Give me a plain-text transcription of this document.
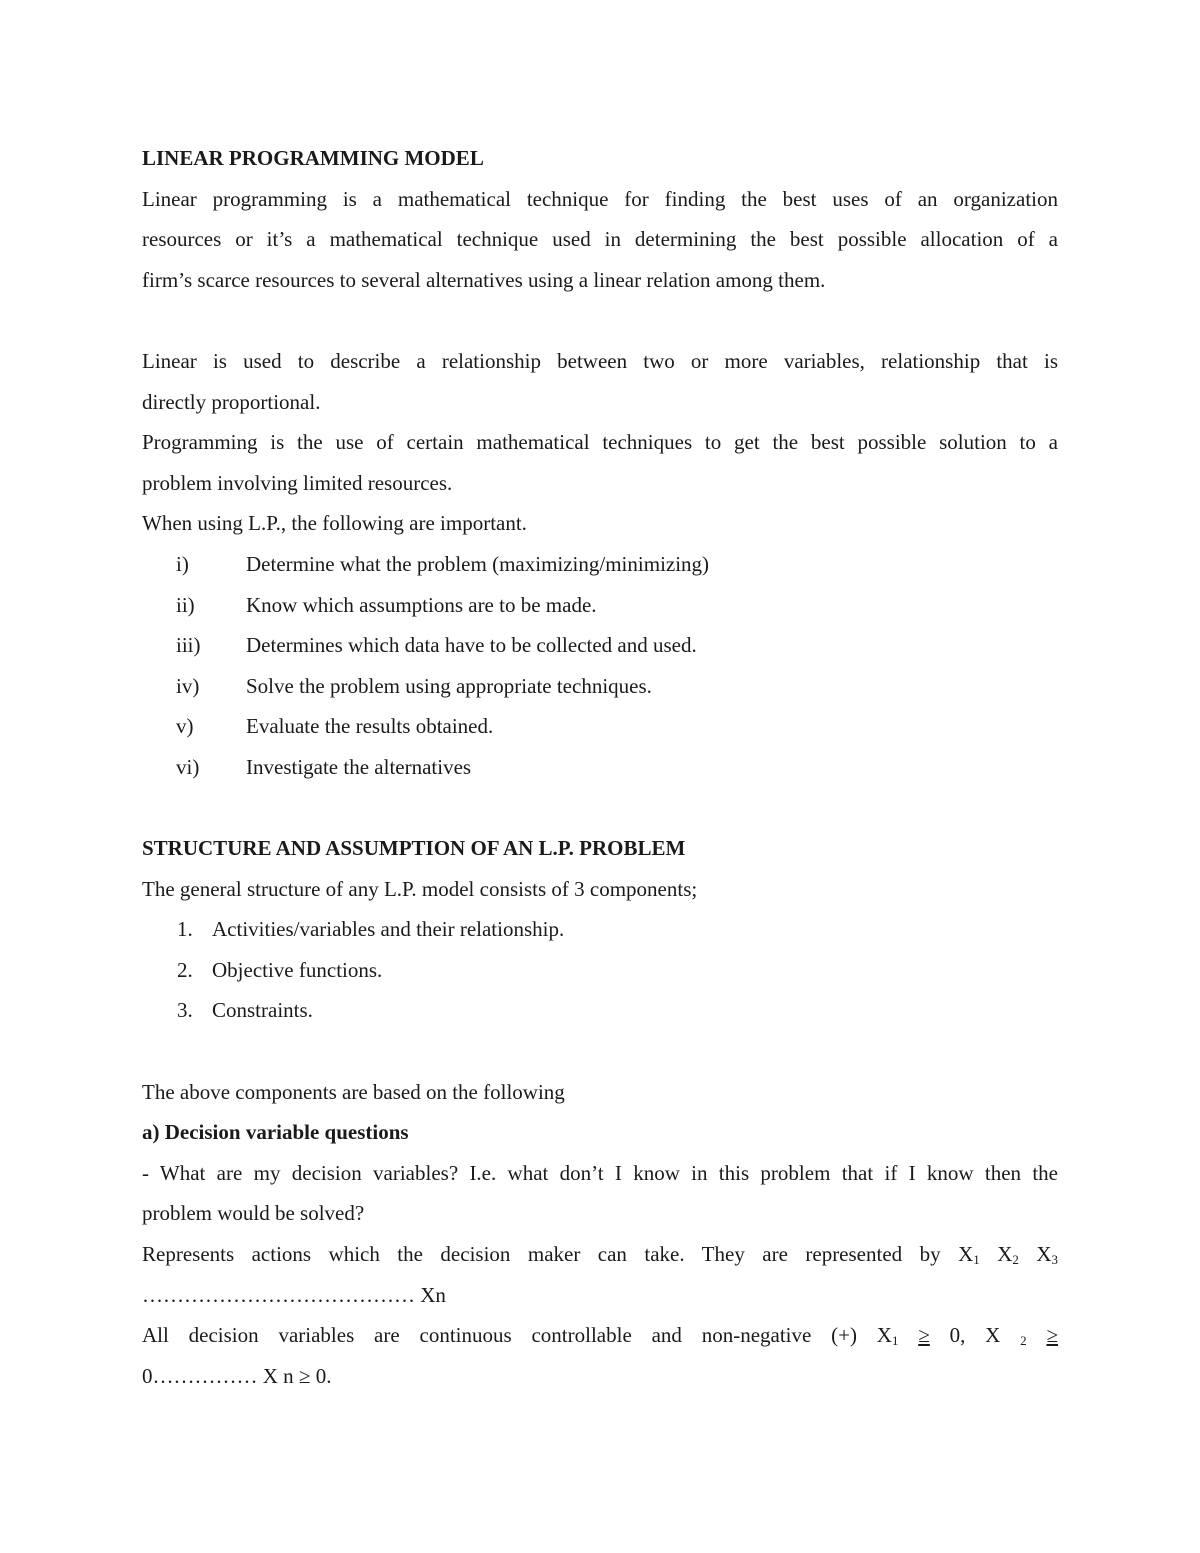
LINEAR PROGRAMMING MODEL
Linear programming is a mathematical technique for finding the best uses of an organization
resources or it’s a mathematical technique used in determining the best possible allocation of a
firm’s scarce resources to several alternatives using a linear relation among them.
Linear is used to describe a relationship between two or more variables, relationship that is
directly proportional.
Programming is the use of certain mathematical techniques to get the best possible solution to a
problem involving limited resources.
When using L.P., the following are important.
i)	Determine what the problem (maximizing/minimizing)
ii) Know which assumptions are to be made.
iii) Determines which data have to be collected and used.
iv) Solve the problem using appropriate techniques.
v)	Evaluate the results obtained.
vi) Investigate the alternatives
STRUCTURE AND ASSUMPTION OF AN L.P. PROBLEM
The general structure of any L.P. model consists of 3 components;
1. Activities/variables and their relationship.
2. Objective functions.
3. Constraints.
The above components are based on the following
a) Decision variable questions
- What are my decision variables? I.e. what don’t I know in this problem that if I know then the
problem would be solved?
Represents actions which the decision maker can take. They are represented by $X_1$ $X_2$ $X_3$
………………………………… Xn
All decision variables are continuous controllable and non-negative (+) $X_1 \ge 0$, X $_2$ ≥
0…………… X n ≥ 0.
